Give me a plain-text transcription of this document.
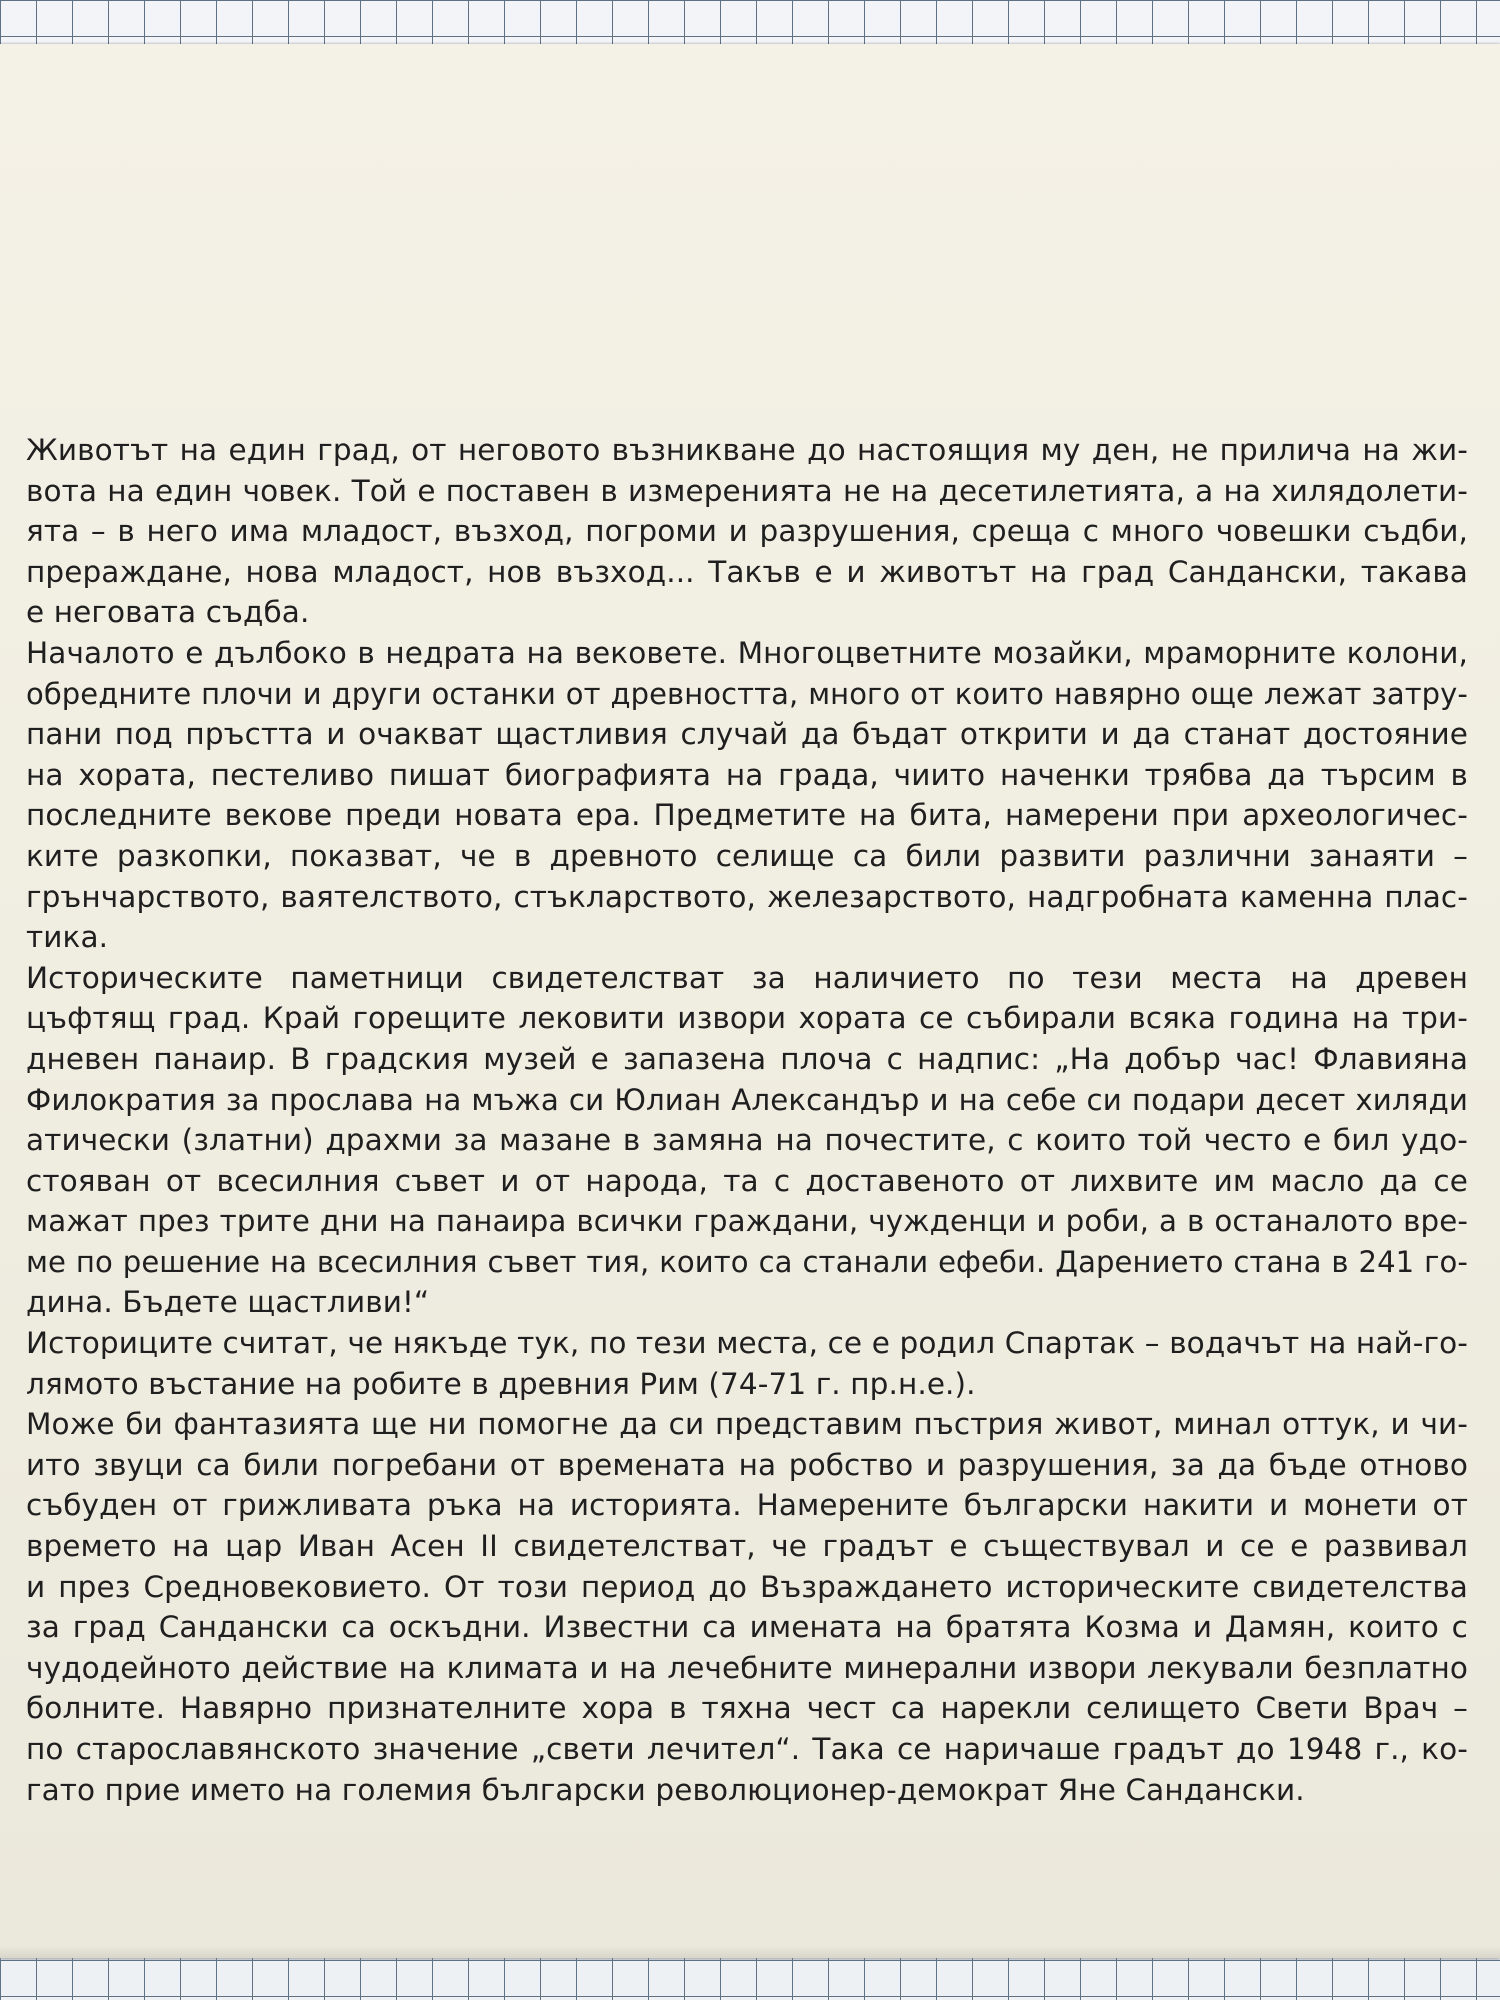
Животът на един град, от неговото възникване до настоящия му ден, не прилича на жи-
вота на един човек. Той е поставен в измеренията не на десетилетията, а на хилядолети-
ята – в него има младост, възход, погроми и разрушения, среща с много човешки съдби,
прераждане, нова младост, нов възход... Такъв е и животът на град Сандански, такава
е неговата съдба.
Началото е дълбоко в недрата на вековете. Многоцветните мозайки, мраморните колони,
обредните плочи и други останки от древността, много от които навярно още лежат затру-
пани под пръстта и очакват щастливия случай да бъдат открити и да станат достояние
на хората, пестеливо пишат биографията на града, чиито наченки трябва да търсим в
последните векове преди новата ера. Предметите на бита, намерени при археологичес-
ките разкопки, показват, че в древното селище са били развити различни занаяти –
грънчарството, ваятелството, стъкларството, железарството, надгробната каменна плас-
тика.
Историческите паметници свидетелстват за наличието по тези места на древен
цъфтящ град. Край горещите лековити извори хората се събирали всяка година на три-
дневен панаир. В градския музей е запазена плоча с надпис: „На добър час! Флавияна
Филократия за прослава на мъжа си Юлиан Александър и на себе си подари десет хиляди
атически (златни) драхми за мазане в замяна на почестите, с които той често е бил удо-
стояван от всесилния съвет и от народа, та с доставеното от лихвите им масло да се
мажат през трите дни на панаира всички граждани, чужденци и роби, а в останалото вре-
ме по решение на всесилния съвет тия, които са станали ефеби. Дарението стана в 241 го-
дина. Бъдете щастливи!“
Историците считат, че някъде тук, по тези места, се е родил Спартак – водачът на най-го-
лямото въстание на робите в древния Рим (74-71 г. пр.н.е.).
Може би фантазията ще ни помогне да си представим пъстрия живот, минал оттук, и чи-
ито звуци са били погребани от времената на робство и разрушения, за да бъде отново
събуден от грижливата ръка на историята. Намерените български накити и монети от
времето на цар Иван Асен II свидетелстват, че градът е съществувал и се е развивал
и през Средновековието. От този период до Възраждането историческите свидетелства
за град Сандански са оскъдни. Известни са имената на братята Козма и Дамян, които с
чудодейното действие на климата и на лечебните минерални извори лекували безплатно
болните. Навярно признателните хора в тяхна чест са нарекли селището Свети Врач –
по старославянското значение „свети лечител“. Така се наричаше градът до 1948 г., ко-
гато прие името на големия български революционер-демократ Яне Сандански.
